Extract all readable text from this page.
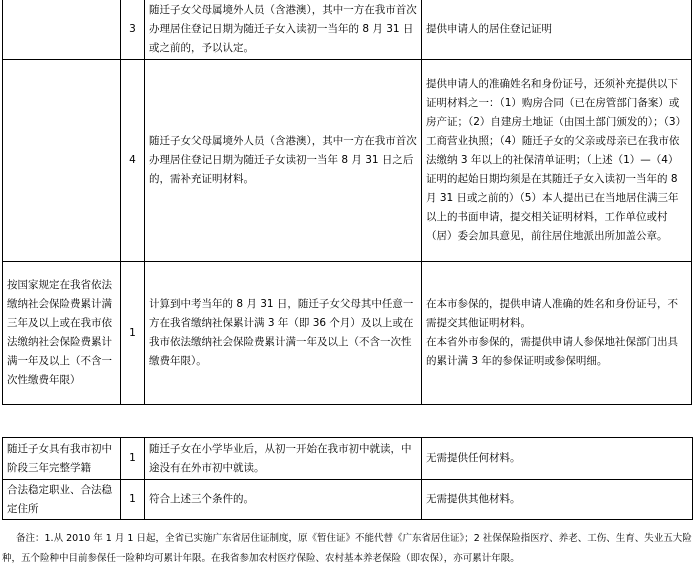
	3	随迁子女父母属境外人员（含港澳），其中一方在我市首次办理居住登记日期为随迁子女入读初一当年的 8 月 31 日或之前的，予以认定。	提供申请人的居住登记证明
	4	随迁子女父母属境外人员（含港澳），其中一方在我市首次办理居住登记日期为随迁子女读初一当年 8 月 31 日之后的，需补充证明材料。	提供申请人的准确姓名和身份证号，还须补充提供以下证明材料之一：（1）购房合同（已在房管部门备案）或房产证；（2）自建房土地证（由国土部门颁发的）；（3）工商营业执照；（4）随迁子女的父亲或母亲已在我市依法缴纳 3 年以上的社保清单证明；（上述（1）—（4）证明的起始日期均须是在其随迁子女入读初一当年的 8 月 31 日或之前的）（5）本人提出已在当地居住满三年以上的书面申请，提交相关证明材料，工作单位或村（居）委会加具意见，前往居住地派出所加盖公章。
按国家规定在我省依法缴纳社会保险费累计满三年及以上或在我市依法缴纳社会保险费累计满一年及以上（不含一次性缴费年限）	1	计算到中考当年的 8 月 31 日，随迁子女父母其中任意一方在我省缴纳社保累计满 3 年（即 36 个月）及以上或在我市依法缴纳社会保险费累计满一年及以上（不含一次性缴费年限）。	在本市参保的，提供申请人准确的姓名和身份证号，不需提交其他证明材料。
在本省外市参保的，需提供申请人参保地社保部门出具的累计满 3 年的参保证明或参保明细。
随迁子女具有我市初中阶段三年完整学籍	1	随迁子女在小学毕业后，从初一开始在我市初中就读，中途没有在外市初中就读。	无需提供任何材料。
合法稳定职业、合法稳定住所	1	符合上述三个条件的。	无需提供其他材料。
备注：1.从 2010 年 1 月 1 日起，全省已实施广东省居住证制度，原《暂住证》不能代替《广东省居住证》；2 社保保险指医疗、养老、工伤、生育、失业五大险种，五个险种中目前参保任一险种均可累计年限。在我省参加农村医疗保险、农村基本养老保险（即农保），亦可累计年限。
